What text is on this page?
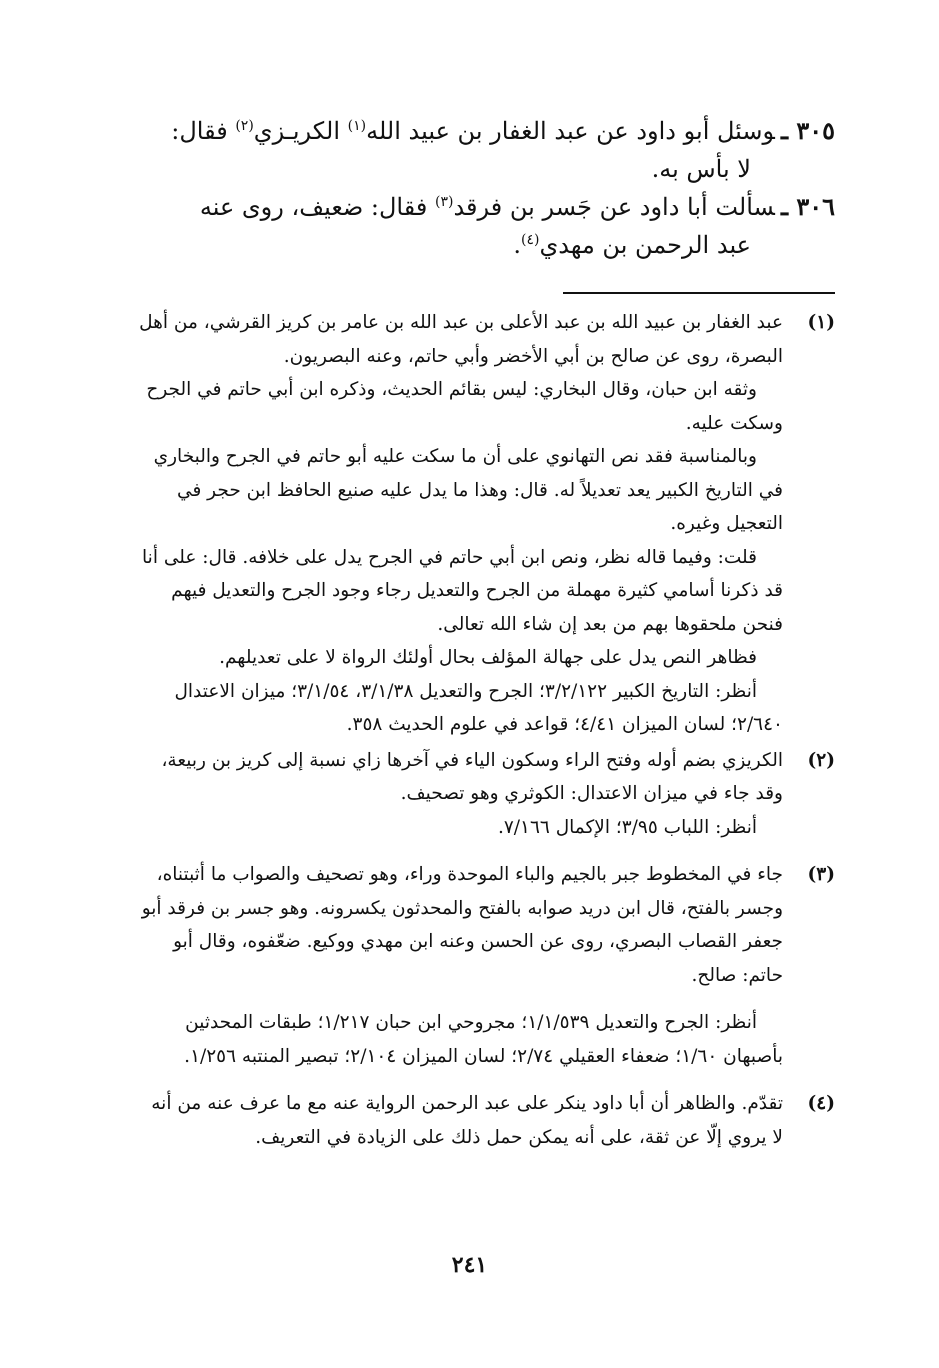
٣٠٥ ـوسئل أبو داود عن عبد الغفار بن عبيد الله$^{(١)}$ الكريـزي$^{(٢)}$ فقال:
لا بأس به.

٣٠٦ ـسألت أبا داود عن جَسر بن فرقد$^{(٣)}$ فقال: ضعيف، روى عنه
عبد الرحمن بن مهدي$^{(٤)}$.

(١)

عبد الغفار بن عبيد الله بن عبد الأعلى بن عبد الله بن عامر بن كريز القرشي، من أهل البصرة، روى عن صالح بن أبي الأخضر وأبي حاتم، وعنه البصريون.

وثقه ابن حبان، وقال البخاري: ليس بقائم الحديث، وذكره ابن أبي حاتم في الجرح وسكت عليه.

وبالمناسبة فقد نص التهانوي على أن ما سكت عليه أبو حاتم في الجرح والبخاري في التاريخ الكبير يعد تعديلاً له. قال: وهذا ما يدل عليه صنيع الحافظ ابن حجر في التعجيل وغيره.

قلت: وفيما قاله نظر، ونص ابن أبي حاتم في الجرح يدل على خلافه. قال: على أنا قد ذكرنا أسامي كثيرة مهملة من الجرح والتعديل رجاء وجود الجرح والتعديل فيهم فنحن ملحقوها بهم من بعد إن شاء الله تعالى.

فظاهر النص يدل على جهالة المؤلف بحال أولئك الرواة لا على تعديلهم.

أنظر: التاريخ الكبير ٣/٢/١٢٢؛ الجرح والتعديل ٣/١/٣٨، ٣/١/٥٤؛ ميزان الاعتدال ٢/٦٤٠؛ لسان الميزان ٤/٤١؛ قواعد في علوم الحديث ٣٥٨.

(٢)

الكريزي بضم أوله وفتح الراء وسكون الياء في آخرها زاي نسبة إلى كريز بن ربيعة، وقد جاء في ميزان الاعتدال: الكوثري وهو تصحيف.

أنظر: اللباب ٣/٩٥؛ الإكمال ٧/١٦٦.

(٣)

جاء في المخطوط جبر بالجيم والباء الموحدة وراء، وهو تصحيف والصواب ما أثبتناه، وجسر بالفتح، قال ابن دريد صوابه بالفتح والمحدثون يكسرونه. وهو جسر بن فرقد أبو جعفر القصاب البصري، روى عن الحسن وعنه ابن مهدي ووكيع. ضعّفوه، وقال أبو حاتم: صالح.

أنظر: الجرح والتعديل ١/١/٥٣٩؛ مجروحي ابن حبان ١/٢١٧؛ طبقات المحدثين بأصبهان ١/٦٠؛ ضعفاء العقيلي ٢/٧٤؛ لسان الميزان ٢/١٠٤؛ تبصير المنتبه ١/٢٥٦.

(٤)

تقدّم. والظاهر أن أبا داود ينكر على عبد الرحمن الرواية عنه مع ما عرف عنه من أنه لا يروي إلّا عن ثقة، على أنه يمكن حمل ذلك على الزيادة في التعريف.

٢٤١
